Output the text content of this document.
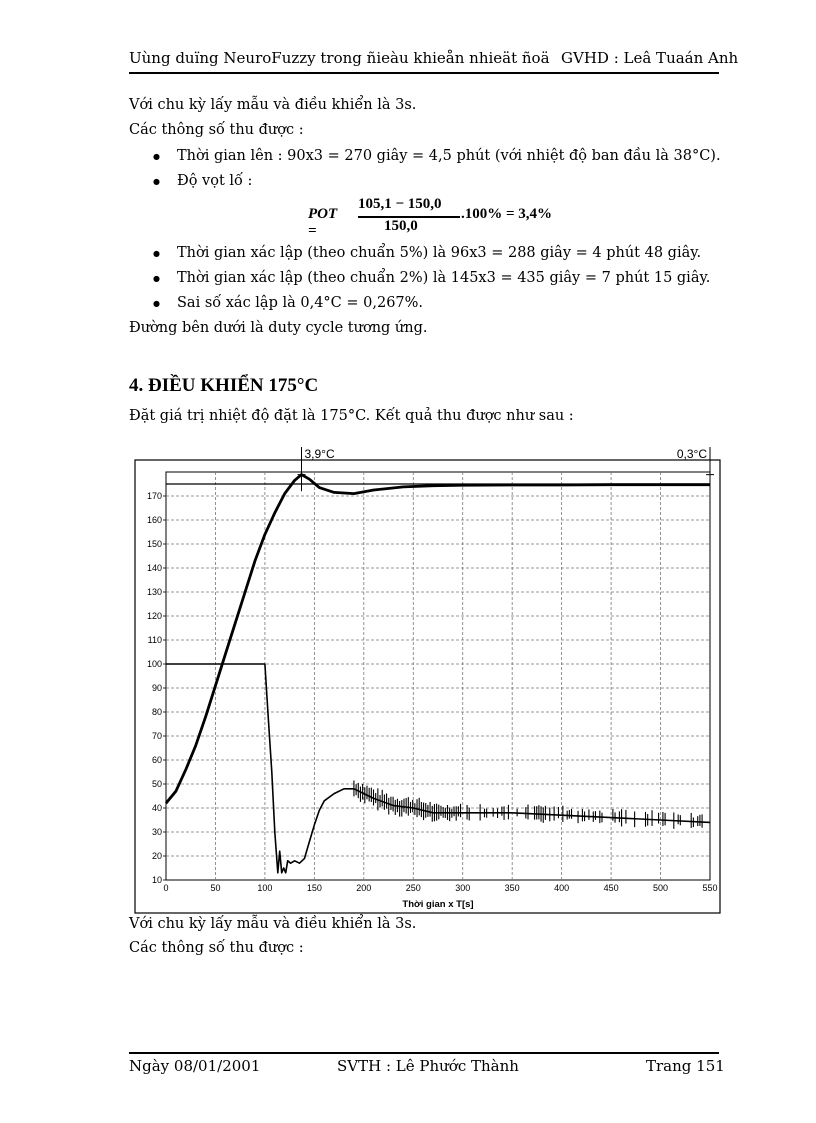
Uùng duïng NeuroFuzzy trong ñieàu khieån nhieät ñoä GVHD : Leâ Tuaán Anh
Với chu kỳ lấy mẫu và điều khiển là 3s.
Các thông số thu được :
Thời gian lên : 90x3 = 270 giây = 4,5 phút (với nhiệt độ ban đầu là 38°C).
Độ vọt lố :
POT =
105,1 − 150,0
150,0
.100% = 3,4%
Thời gian xác lập (theo chuẩn 5%) là 96x3 = 288 giây = 4 phút 48 giây.
Thời gian xác lập (theo chuẩn 2%) là 145x3 = 435 giây = 7 phút 15 giây.
Sai số xác lập là 0,4°C = 0,267%.
Đường bên dưới là duty cycle tương ứng.
4. ĐIỀU KHIỂN 175°C
Đặt giá trị nhiệt độ đặt là 175°C. Kết quả thu được như sau :
0	50	100	150	200	250	300	350	400	450	500	550
10
20
30
40
50
60
70
80
90
100
110
120
130
140
150
160
170
3,9°C	0,3°C
Thời gian x T[s]
Với chu kỳ lấy mẫu và điều khiển là 3s.
Các thông số thu được :
Ngày 08/01/2001	SVTH : Lê Phước Thành	Trang 151
